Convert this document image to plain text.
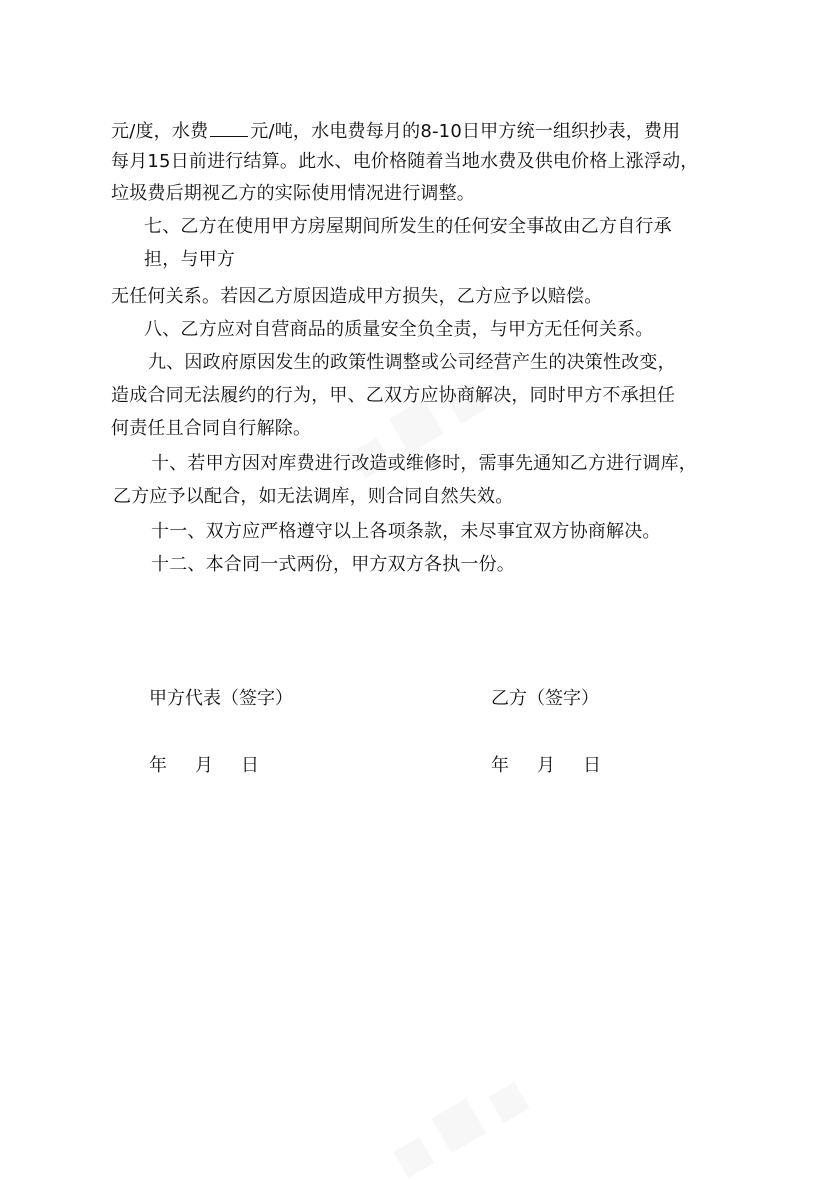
元/度，水费 元/吨，水电费每月的8-10日甲方统一组织抄表，费用
每月15日前进行结算。此水、电价格随着当地水费及供电价格上涨浮动，
垃圾费后期视乙方的实际使用情况进行调整。
七、乙方在使用甲方房屋期间所发生的任何安全事故由乙方自行承
担，与甲方
无任何关系。若因乙方原因造成甲方损失，乙方应予以赔偿。
八、乙方应对自营商品的质量安全负全责，与甲方无任何关系。
九、因政府原因发生的政策性调整或公司经营产生的决策性改变，
造成合同无法履约的行为，甲、乙双方应协商解决，同时甲方不承担任
何责任且合同自行解除。
十、若甲方因对库费进行改造或维修时，需事先通知乙方进行调库，
乙方应予以配合，如无法调库，则合同自然失效。
十一、双方应严格遵守以上各项条款，未尽事宜双方协商解决。
十二、本合同一式两份，甲方双方各执一份。
甲方代表（签字）	乙方（签字）
年 月 日	年 月 日
